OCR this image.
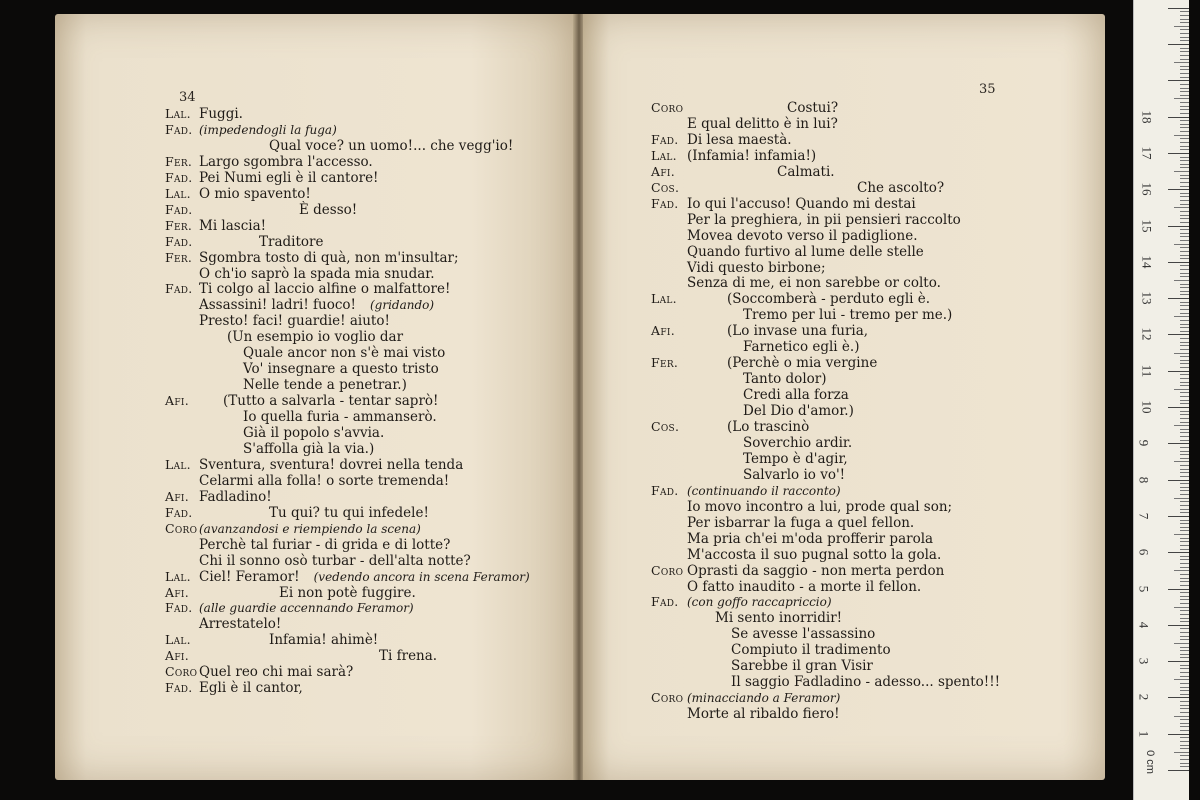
34
Lal. Fuggi.
Fad. (impedendogli la fuga)
Qual voce? un uomo!... che vegg'io!
Fer. Largo sgombra l'accesso.
Fad. Pei Numi egli è il cantore!
Lal. O mio spavento!
Fad.	È desso!
Fer. Mi lascia!
Fad.	Traditore
Fer. Sgombra tosto di quà, non m'insultar;
O ch'io saprò la spada mia snudar.
Fad. Ti colgo al laccio alfine o malfattore!
Assassini! ladri! fuoco! (gridando)
Presto! faci! guardie! aiuto!
(Un esempio io voglio dar
Quale ancor non s'è mai visto
Vo' insegnare a questo tristo
Nelle tende a penetrar.)
Afi.	(Tutto a salvarla - tentar saprò!
Io quella furia - ammanserò.
Già il popolo s'avvia.
S'affolla già la via.)
Lal. Sventura, sventura! dovrei nella tenda
Celarmi alla folla! o sorte tremenda!
Afi. Fadladino!
Fad.	Tu qui? tu qui infedele!
Coro (avanzandosi e riempiendo la scena)
Perchè tal furiar - di grida e di lotte?
Chi il sonno osò turbar - dell'alta notte?
Lal. Ciel! Feramor! (vedendo ancora in scena Feramor)
Afi.	Ei non potè fuggire.
Fad. (alle guardie accennando Feramor)
Arrestatelo!
Lal.	Infamia! ahimè!
Afi.	Ti frena.
Coro Quel reo chi mai sarà?
Fad. Egli è il cantor,
35
Coro	Costui?
E qual delitto è in lui?
Fad. Di lesa maestà.
Lal. (Infamia! infamia!)
Afi.	Calmati.
Cos.	Che ascolto?
Fad. Io qui l'accuso! Quando mi destai
Per la preghiera, in pii pensieri raccolto
Movea devoto verso il padiglione.
Quando furtivo al lume delle stelle
Vidi questo birbone;
Senza di me, ei non sarebbe or colto.
Lal.	(Soccomberà - perduto egli è.
Tremo per lui - tremo per me.)
Afi.	(Lo invase una furia,
Farnetico egli è.)
Fer.	(Perchè o mia vergine
Tanto dolor)
Credi alla forza
Del Dio d'amor.)
Cos.	(Lo trascinò
Soverchio ardir.
Tempo è d'agir,
Salvarlo io vo'!
Fad. (continuando il racconto)
Io movo incontro a lui, prode qual son;
Per isbarrar la fuga a quel fellon.
Ma pria ch'ei m'oda profferir parola
M'accosta il suo pugnal sotto la gola.
Coro Oprasti da saggio - non merta perdon
O fatto inaudito - a morte il fellon.
Fad. (con goffo raccapriccio)
Mi sento inorridir!
Se avesse l'assassino
Compiuto il tradimento
Sarebbe il gran Visir
Il saggio Fadladino - adesso... spento!!!
Coro (minacciando a Feramor)
Morte al ribaldo fiero!
0 cm
1
2
3
4
5
6
7
8
9
10
11
12
13
14
15
16
17
18
